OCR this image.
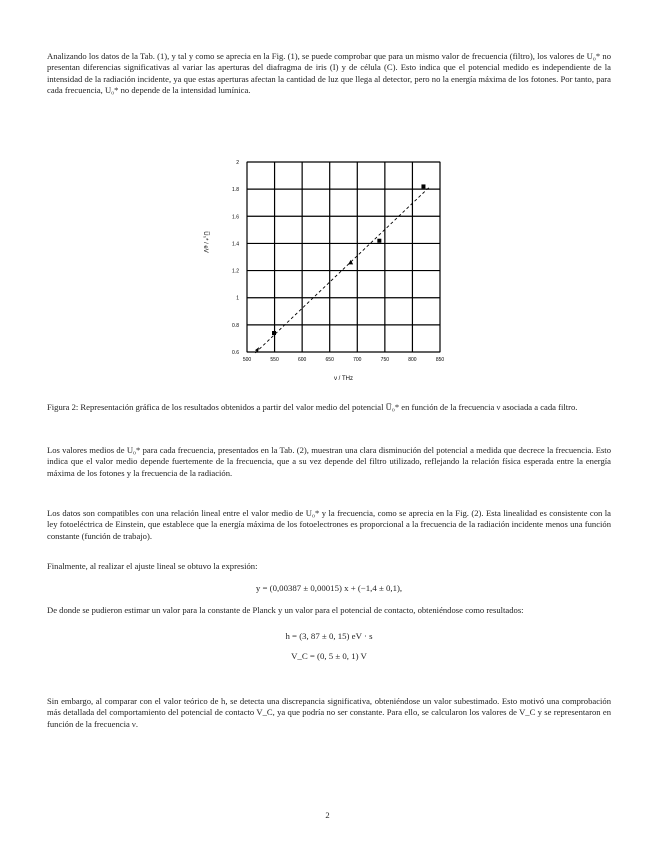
Analizando los datos de la Tab. (1), y tal y como se aprecia en la Fig. (1), se puede comprobar que para un mismo valor de frecuencia (filtro), los valores de U₀* no presentan diferencias significativas al variar las aperturas del diafragma de iris (I) y de célula (C). Esto indica que el potencial medido es independiente de la intensidad de la radiación incidente, ya que estas aperturas afectan la cantidad de luz que llega al detector, pero no la energía máxima de los fotones. Por tanto, para cada frecuencia, U₀* no depende de la intensidad lumínica.

500	550	600	650	700	750	800	850
0.6
0.8
1
1.2
1.4
1.6
1.8
2
ν / THz
U̅₀* / eV

Figura 2: Representación gráfica de los resultados obtenidos a partir del valor medio del potencial U̅₀* en función de la frecuencia ν asociada a cada filtro.

Los valores medios de U₀* para cada frecuencia, presentados en la Tab. (2), muestran una clara disminución del potencial a medida que decrece la frecuencia. Esto indica que el valor medio depende fuertemente de la frecuencia, que a su vez depende del filtro utilizado, reflejando la relación física esperada entre la energía máxima de los fotones y la frecuencia de la radiación.

Los datos son compatibles con una relación lineal entre el valor medio de U₀* y la frecuencia, como se aprecia en la Fig. (2). Esta linealidad es consistente con la ley fotoeléctrica de Einstein, que establece que la energía máxima de los fotoelectrones es proporcional a la frecuencia de la radiación incidente menos una función constante (función de trabajo).

Finalmente, al realizar el ajuste lineal se obtuvo la expresión:

y = (0,00387 ± 0,00015) x + (−1,4 ± 0,1),

De donde se pudieron estimar un valor para la constante de Planck y un valor para el potencial de contacto, obteniéndose como resultados:

h = (3, 87 ± 0, 15) eV · s

V_C = (0, 5 ± 0, 1) V

Sin embargo, al comparar con el valor teórico de h, se detecta una discrepancia significativa, obteniéndose un valor subestimado. Esto motivó una comprobación más detallada del comportamiento del potencial de contacto V_C, ya que podría no ser constante. Para ello, se calcularon los valores de V_C y se representaron en función de la frecuencia ν.

2
